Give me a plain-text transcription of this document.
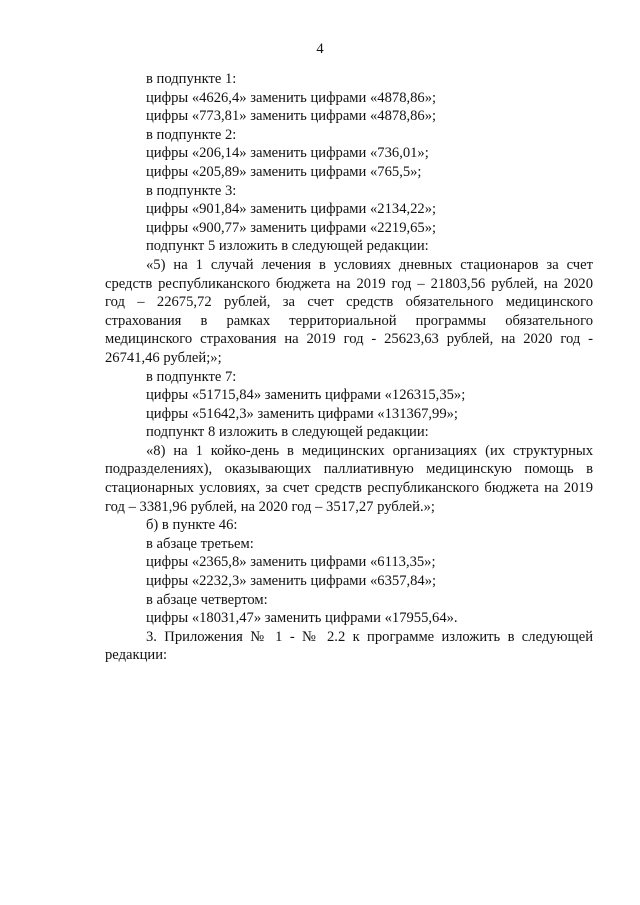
4

в подпункте 1:

цифры «4626,4» заменить цифрами «4878,86»;

цифры «773,81» заменить цифрами «4878,86»;

в подпункте 2:

цифры «206,14» заменить цифрами «736,01»;

цифры «205,89» заменить цифрами «765,5»;

в подпункте 3:

цифры «901,84» заменить цифрами «2134,22»;

цифры «900,77» заменить цифрами «2219,65»;

подпункт 5 изложить в следующей редакции:

«5) на 1 случай лечения в условиях дневных стационаров за счет средств республиканского бюджета на 2019 год – 21803,56 рублей, на 2020 год – 22675,72 рублей, за счет средств обязательного медицинского страхования в рамках территориальной программы обязательного медицинского страхования на 2019 год - 25623,63 рублей, на 2020 год - 26741,46 рублей;»;

в подпункте 7:

цифры «51715,84» заменить цифрами «126315,35»;

цифры «51642,3» заменить цифрами «131367,99»;

подпункт 8 изложить в следующей редакции:

«8) на 1 койко-день в медицинских организациях (их структурных подразделениях), оказывающих паллиативную медицинскую помощь в стационарных условиях, за счет средств республиканского бюджета на 2019 год – 3381,96 рублей, на 2020 год – 3517,27 рублей.»;

б) в пункте 46:

в абзаце третьем:

цифры «2365,8» заменить цифрами «6113,35»;

цифры «2232,3» заменить цифрами «6357,84»;

в абзаце четвертом:

цифры «18031,47» заменить цифрами «17955,64».

3. Приложения № 1 - № 2.2 к программе изложить в следующей редакции:
